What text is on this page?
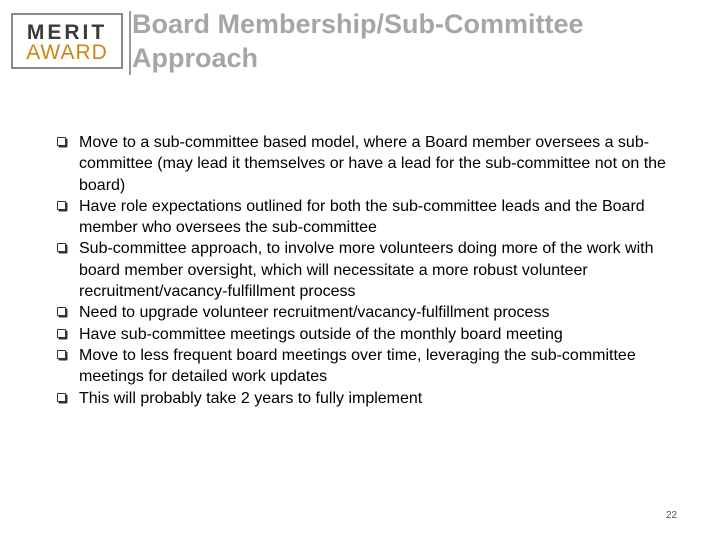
MERIT
AWARD
Board Membership/Sub-Committee Approach
Move to a sub-committee based model, where a Board member oversees a sub-committee (may lead it themselves or have a lead for the sub-committee not on the board)
Have role expectations outlined for both the sub-committee leads and the Board member who oversees the sub-committee
Sub-committee approach, to involve more volunteers doing more of the work with board member oversight, which will necessitate a more robust volunteer recruitment/vacancy-fulfillment process
Need to upgrade volunteer recruitment/vacancy-fulfillment process
Have sub-committee meetings outside of the monthly board meeting
Move to less frequent board meetings over time, leveraging the sub-committee meetings for detailed work updates
This will probably take 2 years to fully implement
22
